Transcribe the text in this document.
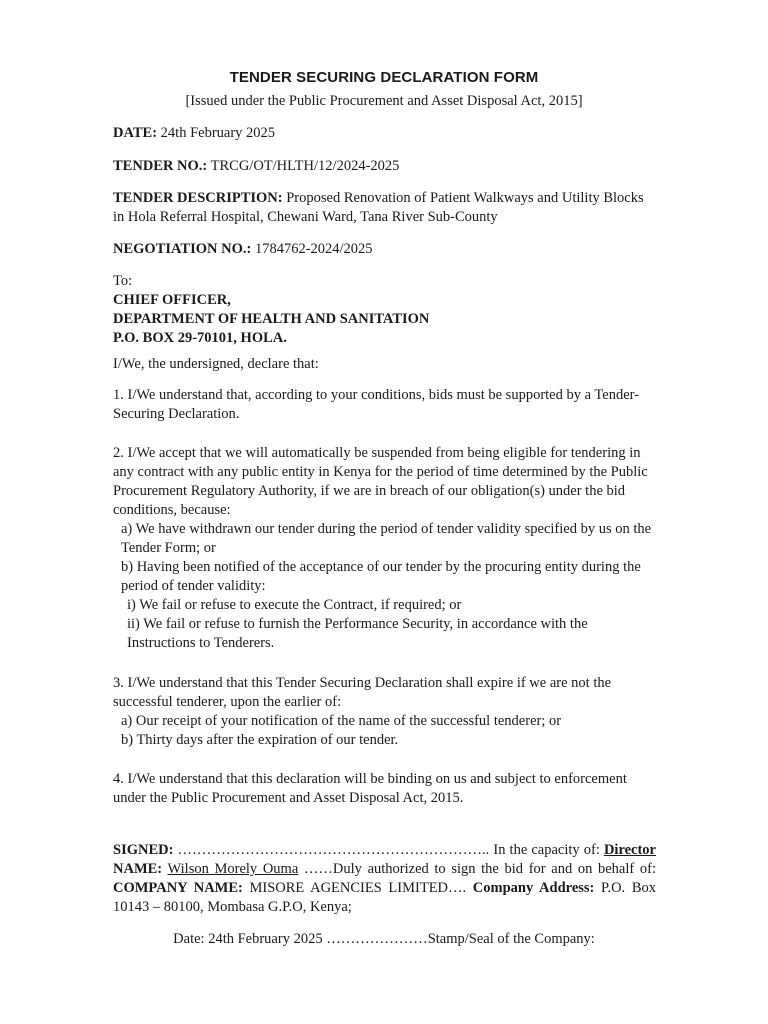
TENDER SECURING DECLARATION FORM
[Issued under the Public Procurement and Asset Disposal Act, 2015]
DATE: 24th February 2025
TENDER NO.: TRCG/OT/HLTH/12/2024-2025
TENDER DESCRIPTION: Proposed Renovation of Patient Walkways and Utility Blocks in Hola Referral Hospital, Chewani Ward, Tana River Sub-County
NEGOTIATION NO.: 1784762-2024/2025

To:

CHIEF OFFICER,

DEPARTMENT OF HEALTH AND SANITATION

P.O. BOX 29-70101, HOLA.

I/We, the undersigned, declare that:
1. I/We understand that, according to your conditions, bids must be supported by a Tender-Securing Declaration.

2. I/We accept that we will automatically be suspended from being eligible for tendering in any contract with any public entity in Kenya for the period of time determined by the Public Procurement Regulatory Authority, if we are in breach of our obligation(s) under the bid conditions, because:

a) We have withdrawn our tender during the period of tender validity specified by us on the Tender Form; or

b) Having been notified of the acceptance of our tender by the procuring entity during the period of tender validity:

i) We fail or refuse to execute the Contract, if required; or

ii) We fail or refuse to furnish the Performance Security, in accordance with the Instructions to Tenderers.

3. I/We understand that this Tender Securing Declaration shall expire if we are not the successful tenderer, upon the earlier of:

a) Our receipt of your notification of the name of the successful tenderer; or

b) Thirty days after the expiration of our tender.

4. I/We understand that this declaration will be binding on us and subject to enforcement under the Public Procurement and Asset Disposal Act, 2015.

SIGNED: ……………………………………………………….. In the capacity of: Director

NAME: Wilson Morely Ouma ……Duly authorized to sign the bid for and on behalf of:

COMPANY NAME: MISORE AGENCIES LIMITED…. Company Address: P.O. Box 10143 – 80100, Mombasa G.P.O, Kenya;

Date: 24th February 2025 …………………Stamp/Seal of the Company:
